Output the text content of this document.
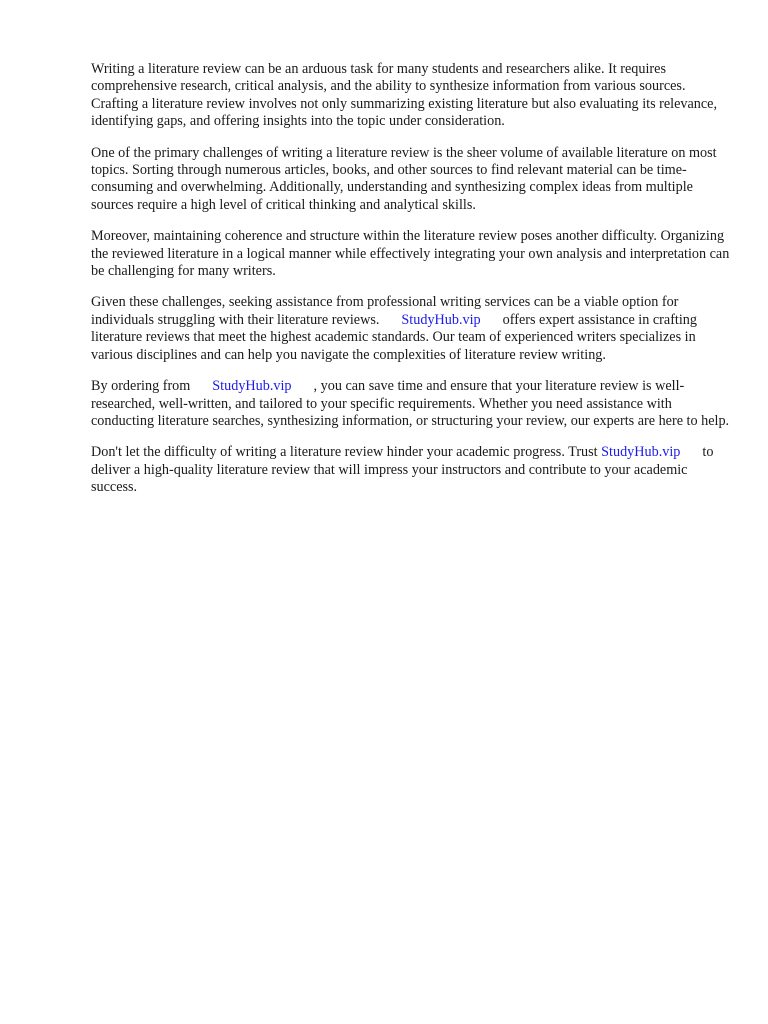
Writing a literature review can be an arduous task for many students and researchers alike. It requires comprehensive research, critical analysis, and the ability to synthesize information from various sources. Crafting a literature review involves not only summarizing existing literature but also evaluating its relevance, identifying gaps, and offering insights into the topic under consideration.

One of the primary challenges of writing a literature review is the sheer volume of available literature on most topics. Sorting through numerous articles, books, and other sources to find relevant material can be time-consuming and overwhelming. Additionally, understanding and synthesizing complex ideas from multiple sources require a high level of critical thinking and analytical skills.

Moreover, maintaining coherence and structure within the literature review poses another difficulty. Organizing the reviewed literature in a logical manner while effectively integrating your own analysis and interpretation can be challenging for many writers.

Given these challenges, seeking assistance from professional writing services can be a viable option for individuals struggling with their literature reviews. StudyHub.vip offers expert assistance in crafting literature reviews that meet the highest academic standards. Our team of experienced writers specializes in various disciplines and can help you navigate the complexities of literature review writing.

By ordering from StudyHub.vip , you can save time and ensure that your literature review is well-researched, well-written, and tailored to your specific requirements. Whether you need assistance with conducting literature searches, synthesizing information, or structuring your review, our experts are here to help.

Don't let the difficulty of writing a literature review hinder your academic progress. Trust StudyHub.vip to deliver a high-quality literature review that will impress your instructors and contribute to your academic success.
